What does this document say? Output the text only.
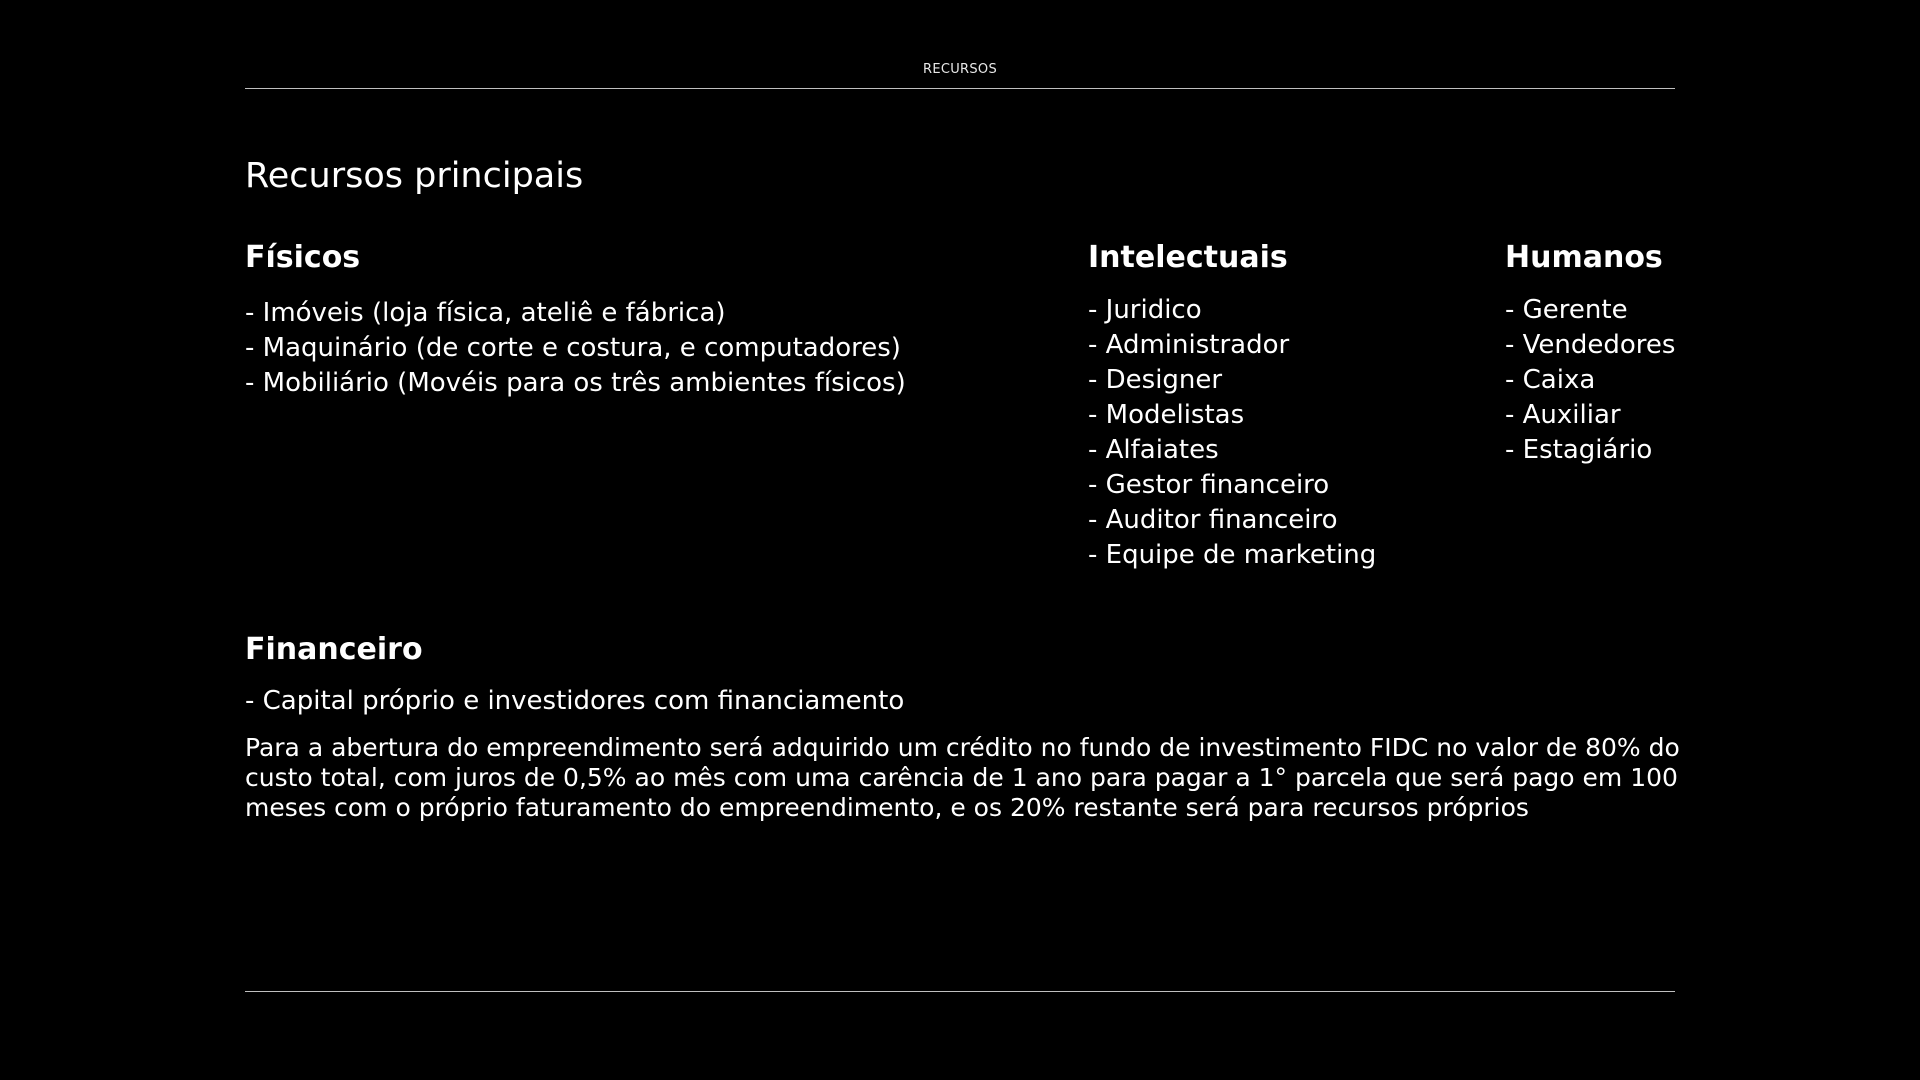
RECURSOS
Recursos principais
Físicos
- Imóveis (loja física, ateliê e fábrica)
- Maquinário (de corte e costura, e computadores)
- Mobiliário (Movéis para os três ambientes físicos)
Intelectuais
- Juridico
- Administrador
- Designer
- Modelistas
- Alfaiates
- Gestor financeiro
- Auditor financeiro
- Equipe de marketing
Humanos
- Gerente
- Vendedores
- Caixa
- Auxiliar
- Estagiário
Financeiro
- Capital próprio e investidores com financiamento

Para a abertura do empreendimento será adquirido um crédito no fundo de investimento FIDC no valor de 80% do custo total, com juros de 0,5% ao mês com uma carência de 1 ano para pagar a 1° parcela que será pago em 100 meses com o próprio faturamento do empreendimento, e os 20% restante será para recursos próprios
